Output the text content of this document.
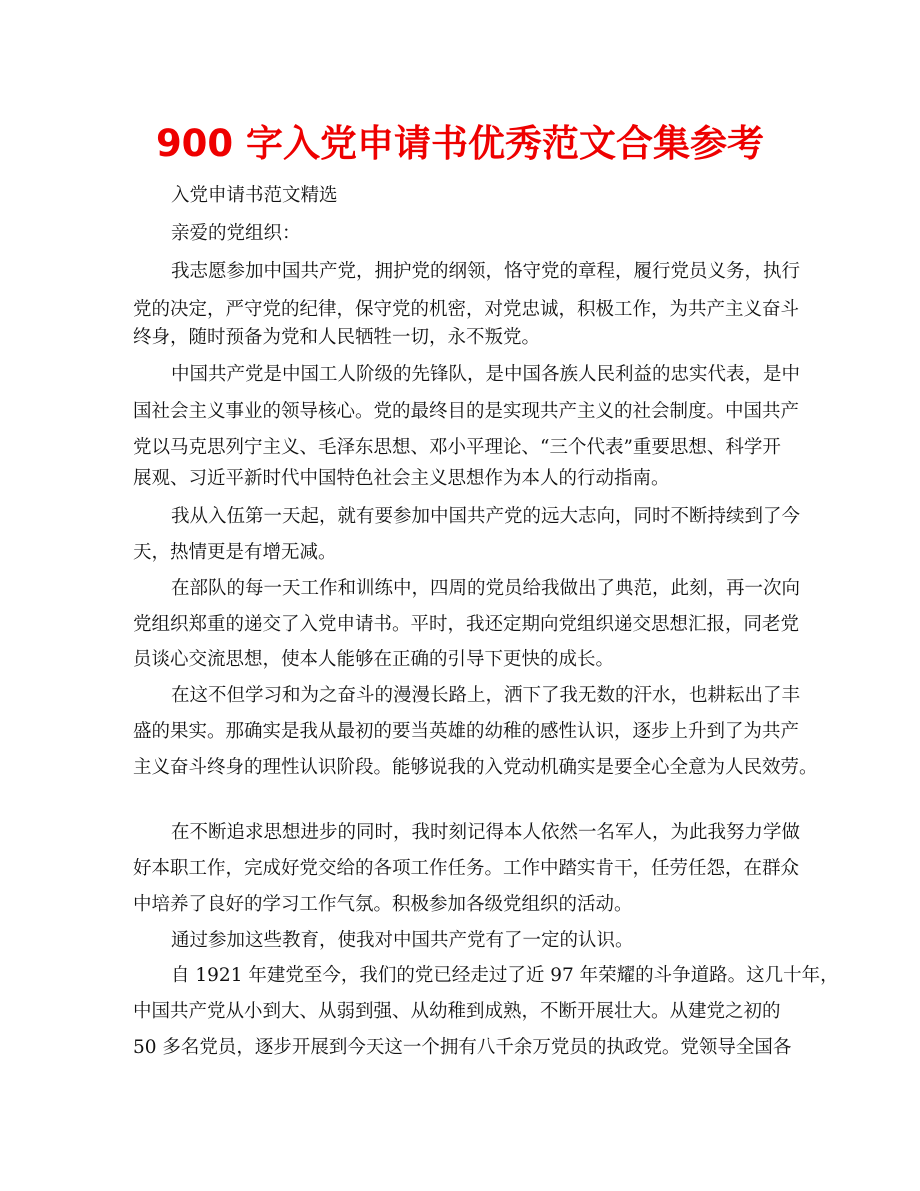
900 字入党申请书优秀范文合集参考

入党申请书范文精选

亲爱的党组织：

我志愿参加中国共产党，拥护党的纲领，恪守党的章程，履行党员义务，执行

党的决定，严守党的纪律，保守党的机密，对党忠诚，积极工作，为共产主义奋斗

终身，随时预备为党和人民牺牲一切，永不叛党。

中国共产党是中国工人阶级的先锋队，是中国各族人民利益的忠实代表，是中

国社会主义事业的领导核心。党的最终目的是实现共产主义的社会制度。中国共产

党以马克思列宁主义、毛泽东思想、邓小平理论、“三个代表”重要思想、科学开

展观、习近平新时代中国特色社会主义思想作为本人的行动指南。

我从入伍第一天起，就有要参加中国共产党的远大志向，同时不断持续到了今

天，热情更是有增无减。

在部队的每一天工作和训练中，四周的党员给我做出了典范，此刻，再一次向

党组织郑重的递交了入党申请书。平时，我还定期向党组织递交思想汇报，同老党

员谈心交流思想，使本人能够在正确的引导下更快的成长。

在这不但学习和为之奋斗的漫漫长路上，洒下了我无数的汗水，也耕耘出了丰

盛的果实。那确实是我从最初的要当英雄的幼稚的感性认识，逐步上升到了为共产

主义奋斗终身的理性认识阶段。能够说我的入党动机确实是要全心全意为人民效劳。

在不断追求思想进步的同时，我时刻记得本人依然一名军人，为此我努力学做

好本职工作，完成好党交给的各项工作任务。工作中踏实肯干，任劳任怨，在群众

中培养了良好的学习工作气氛。积极参加各级党组织的活动。

通过参加这些教育，使我对中国共产党有了一定的认识。

自 1921 年建党至今，我们的党已经走过了近 97 年荣耀的斗争道路。这几十年，

中国共产党从小到大、从弱到强、从幼稚到成熟，不断开展壮大。从建党之初的

50 多名党员，逐步开展到今天这一个拥有八千余万党员的执政党。党领导全国各
